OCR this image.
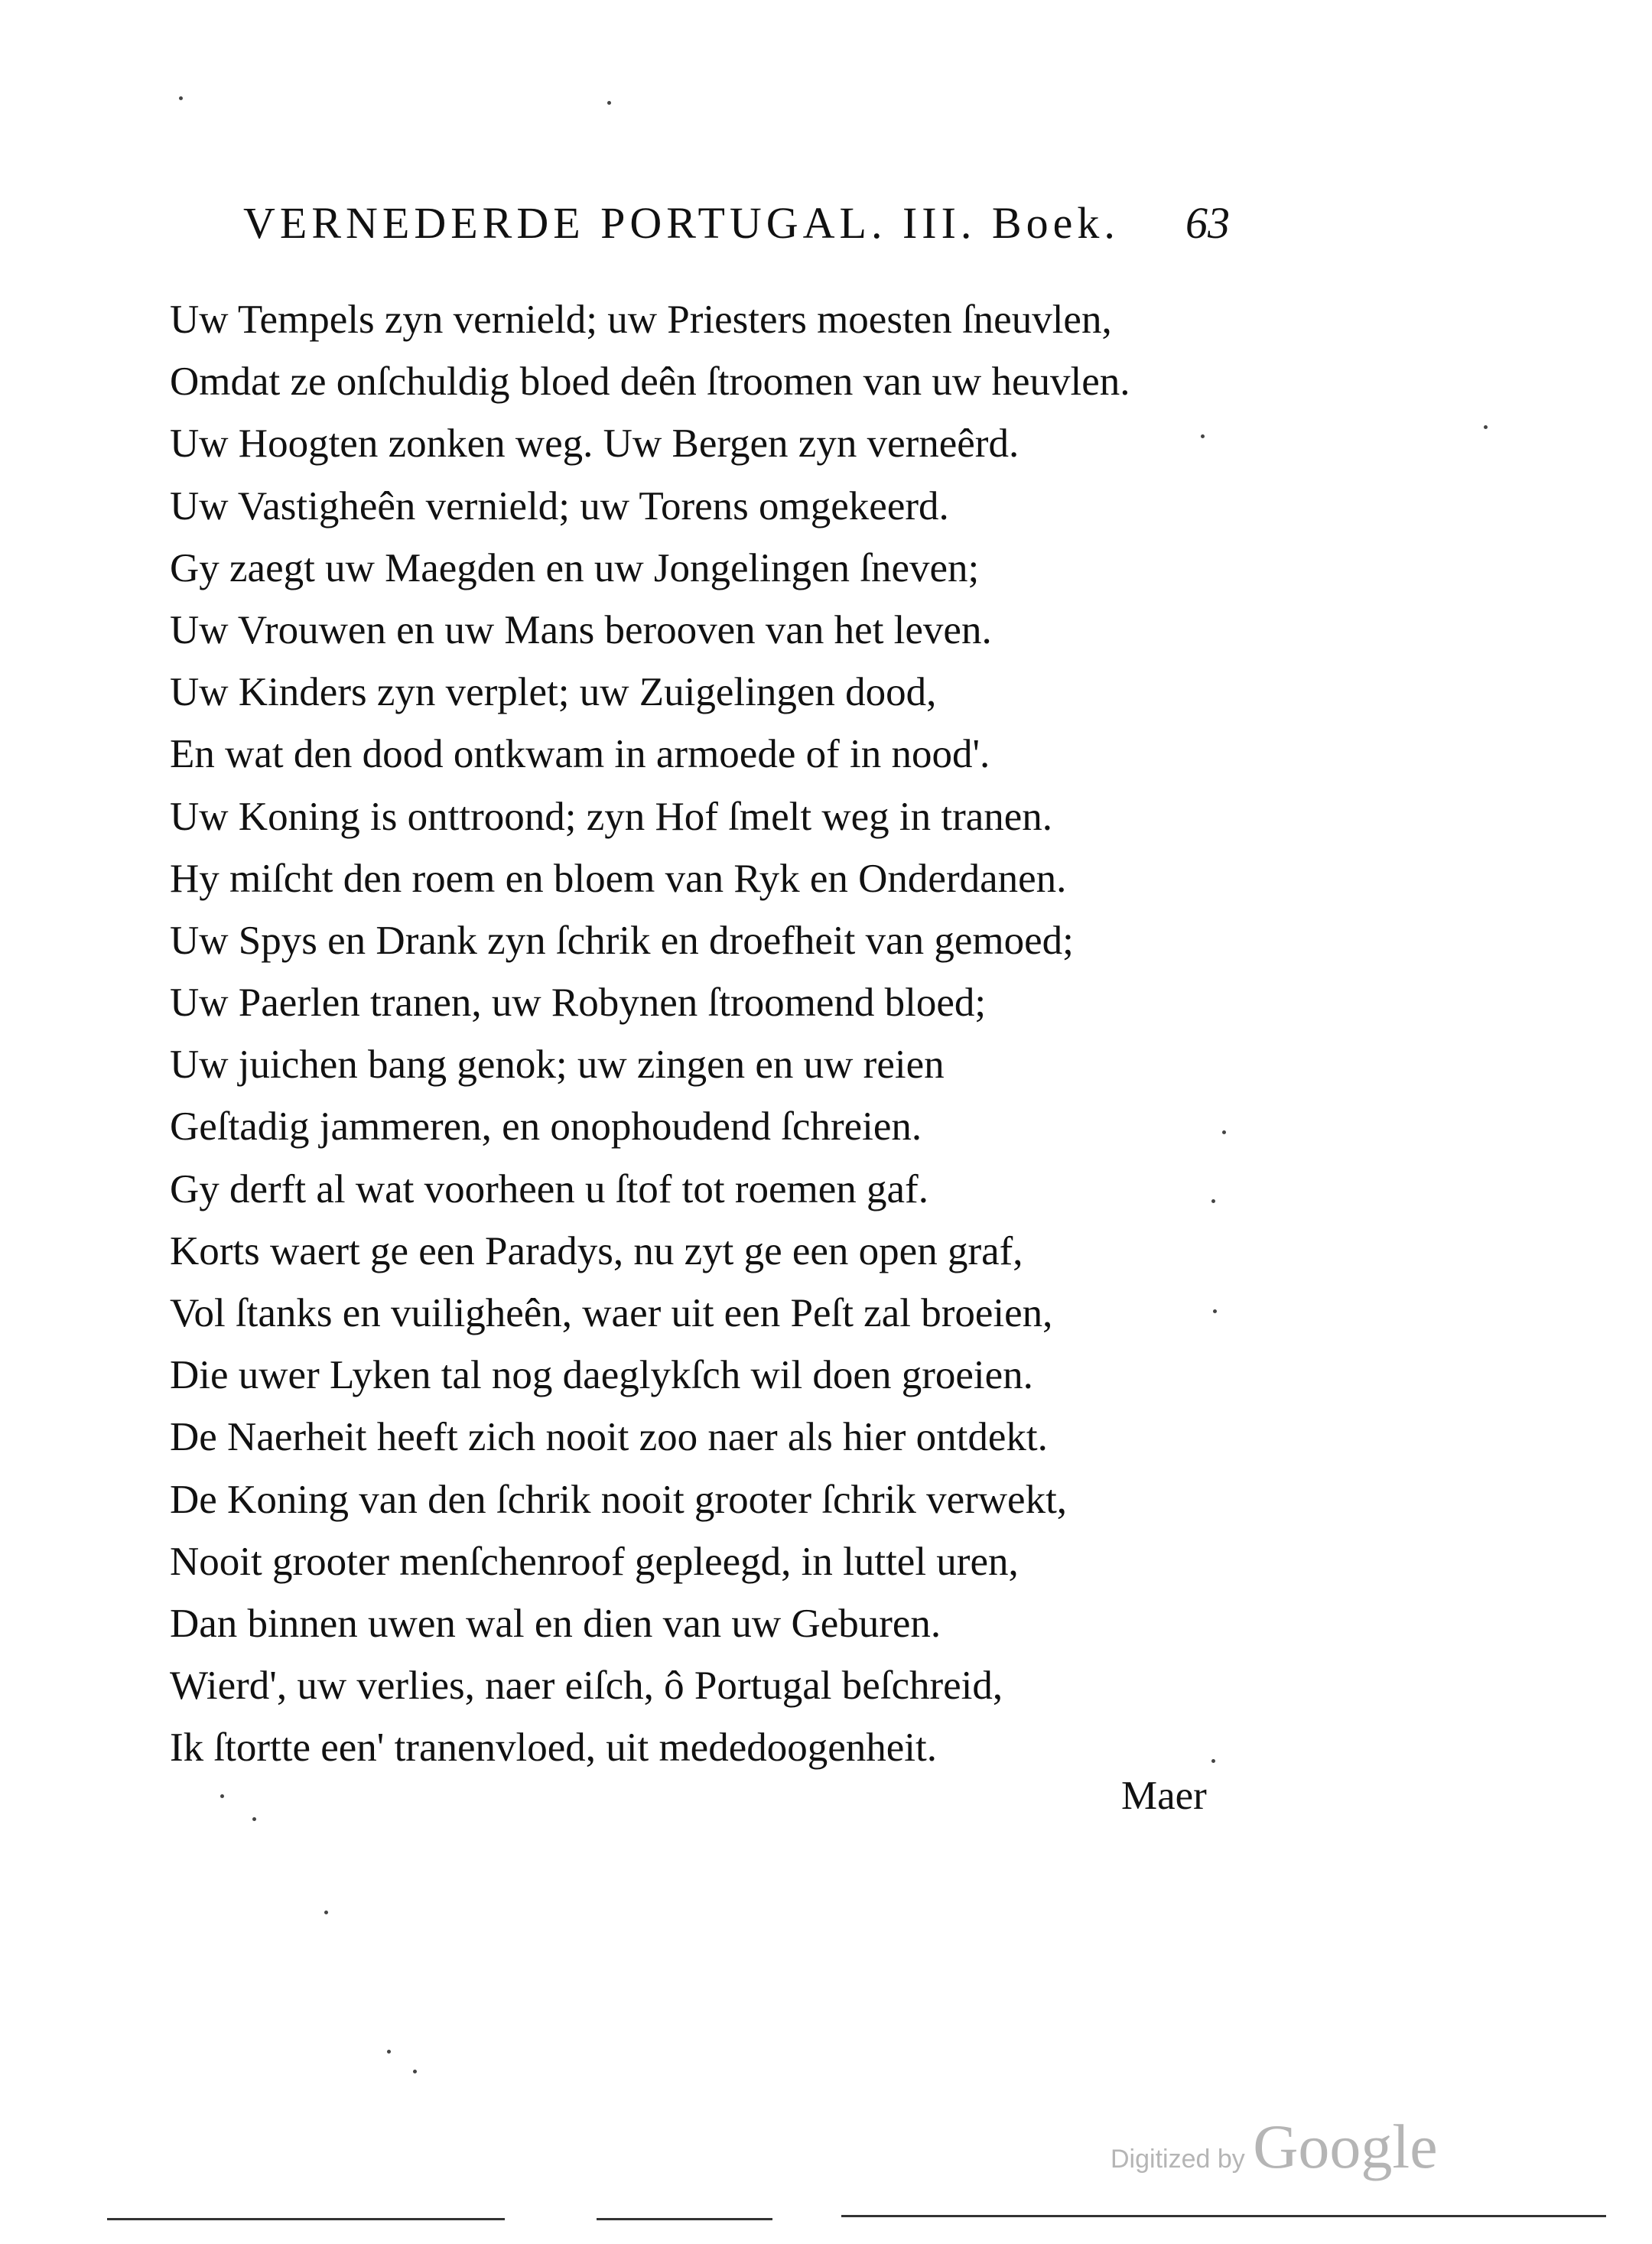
VERNEDERDE PORTUGAL. III. Boek. 63
Uw Tempels zyn vernield; uw Priesters moesten ſneuvlen,
Omdat ze onſchuldig bloed deên ſtroomen van uw heuvlen.
Uw Hoogten zonken weg. Uw Bergen zyn verneêrd.
Uw Vastigheên vernield; uw Torens omgekeerd.
Gy zaegt uw Maegden en uw Jongelingen ſneven;
Uw Vrouwen en uw Mans berooven van het leven.
Uw Kinders zyn verplet; uw Zuigelingen dood,
En wat den dood ontkwam in armoede of in nood'.
Uw Koning is onttroond; zyn Hof ſmelt weg in tranen.
Hy miſcht den roem en bloem van Ryk en Onderdanen.
Uw Spys en Drank zyn ſchrik en droefheit van gemoed;
Uw Paerlen tranen, uw Robynen ſtroomend bloed;
Uw juichen bang genok; uw zingen en uw reien
Geſtadig jammeren, en onophoudend ſchreien.
Gy derft al wat voorheen u ſtof tot roemen gaf.
Korts waert ge een Paradys, nu zyt ge een open graf,
Vol ſtanks en vuiligheên, waer uit een Peſt zal broeien,
Die uwer Lyken tal nog daeglykſch wil doen groeien.
De Naerheit heeft zich nooit zoo naer als hier ontdekt.
De Koning van den ſchrik nooit grooter ſchrik verwekt,
Nooit grooter menſchenroof gepleegd, in luttel uren,
Dan binnen uwen wal en dien van uw Geburen.
Wierd', uw verlies, naer eiſch, ô Portugal beſchreid,
Ik ſtortte een' tranenvloed, uit mededoogenheit.
Maer
Digitized by Google
